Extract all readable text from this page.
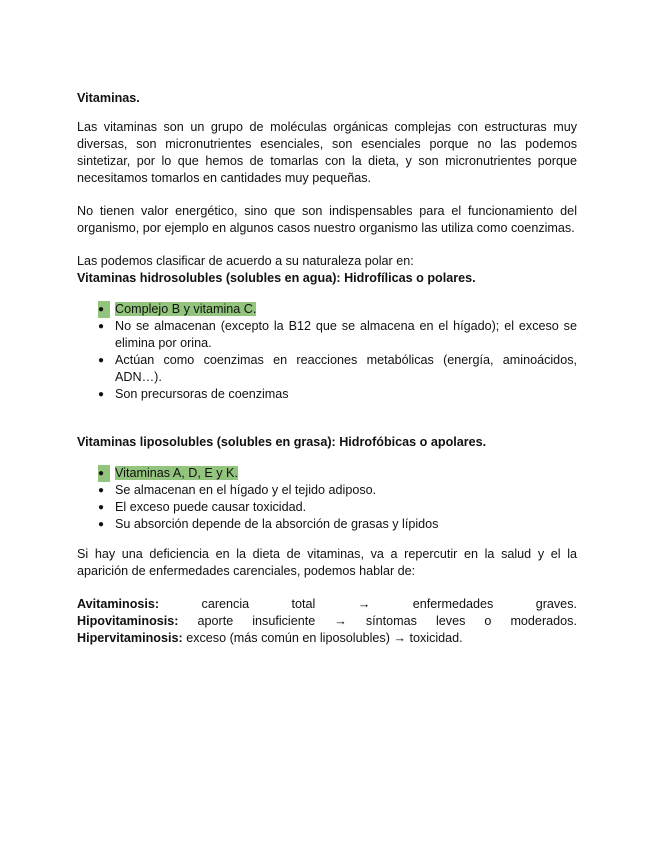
Vitaminas.

Las vitaminas son un grupo de moléculas orgánicas complejas con estructuras muy diversas, son micronutrientes esenciales, son esenciales porque no las podemos sintetizar, por lo que hemos de tomarlas con la dieta, y son micronutrientes porque necesitamos tomarlos en cantidades muy pequeñas.

No tienen valor energético, sino que son indispensables para el funcionamiento del organismo, por ejemplo en algunos casos nuestro organismo las utiliza como coenzimas.

Las podemos clasificar de acuerdo a su naturaleza polar en:

Vitaminas hidrosolubles (solubles en agua): Hidrofílicas o polares.

● Complejo B y vitamina C.
● No se almacenan (excepto la B12 que se almacena en el hígado); el exceso se elimina por orina.
● Actúan como coenzimas en reacciones metabólicas (energía, aminoácidos, ADN…).
● Son precursoras de coenzimas

Vitaminas liposolubles (solubles en grasa): Hidrofóbicas o apolares.

● Vitaminas A, D, E y K.
● Se almacenan en el hígado y el tejido adiposo.
● El exceso puede causar toxicidad.
● Su absorción depende de la absorción de grasas y lípidos

Si hay una deficiencia en la dieta de vitaminas, va a repercutir en la salud y el la aparición de enfermedades carenciales, podemos hablar de:

Avitaminosis:	carencia	total	→	enfermedades	graves.
Hipovitaminosis: aporte insuficiente → síntomas leves o moderados.
Hipervitaminosis: exceso (más común en liposolubles) → toxicidad.
